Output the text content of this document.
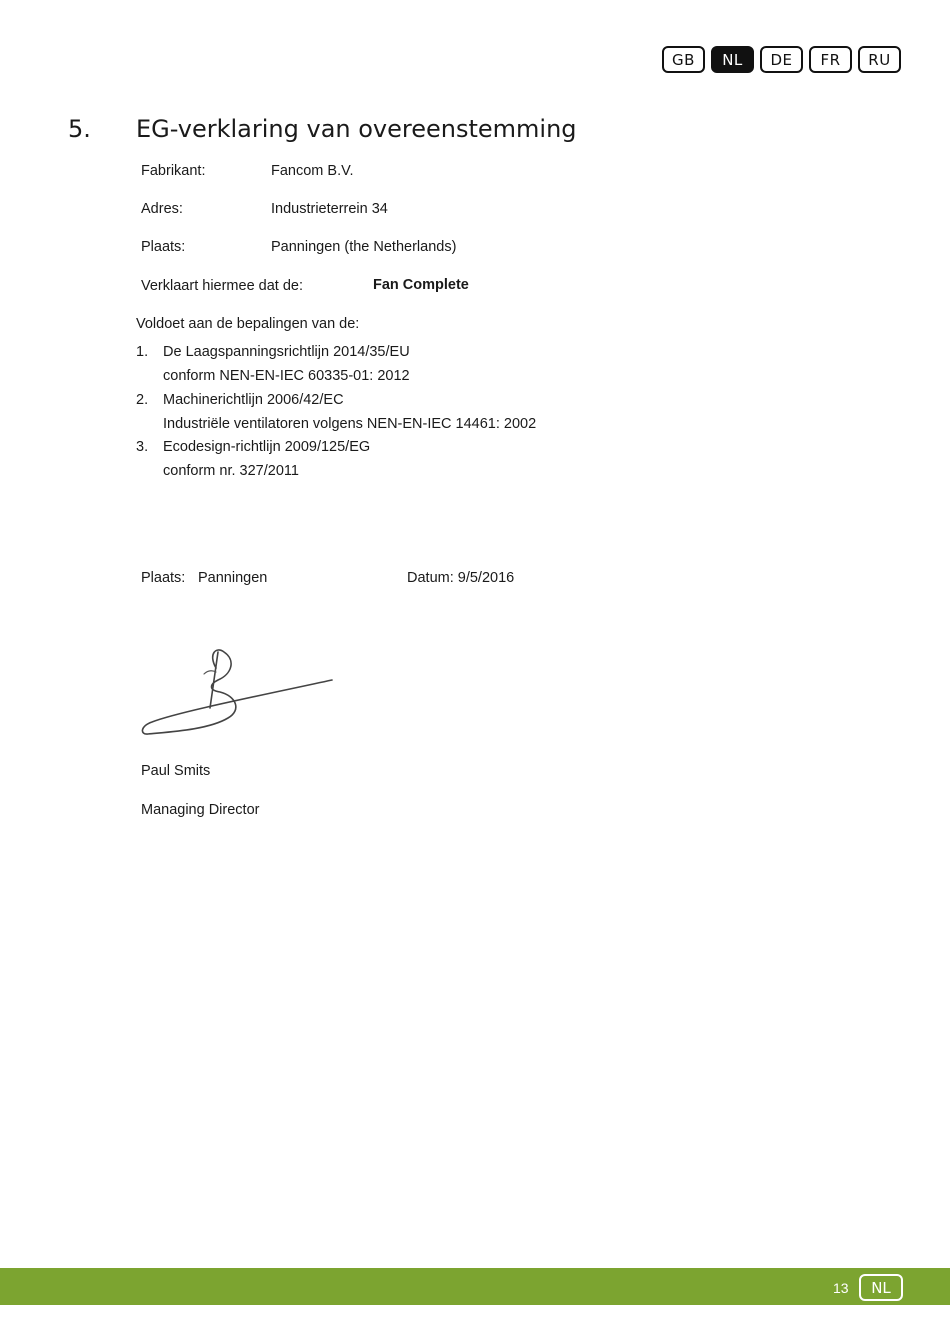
GB	NL	DE	FR	RU
5. EG-verklaring van overeenstemming
Fabrikant:	Fancom B.V.
Adres:	Industrieterrein 34
Plaats:	Panningen (the Netherlands)
Verklaart hiermee dat de:	Fan Complete
Voldoet aan de bepalingen van de:
1. De Laagspanningsrichtlijn 2014/35/EU
conform NEN-EN-IEC 60335-01: 2012
2. Machinerichtlijn 2006/42/EC
Industriële ventilatoren volgens NEN-EN-IEC 14461: 2002
3. Ecodesign-richtlijn 2009/125/EG
conform nr. 327/2011
Plaats: Panningen	Datum: 9/5/2016
Paul Smits
Managing Director
13	NL
